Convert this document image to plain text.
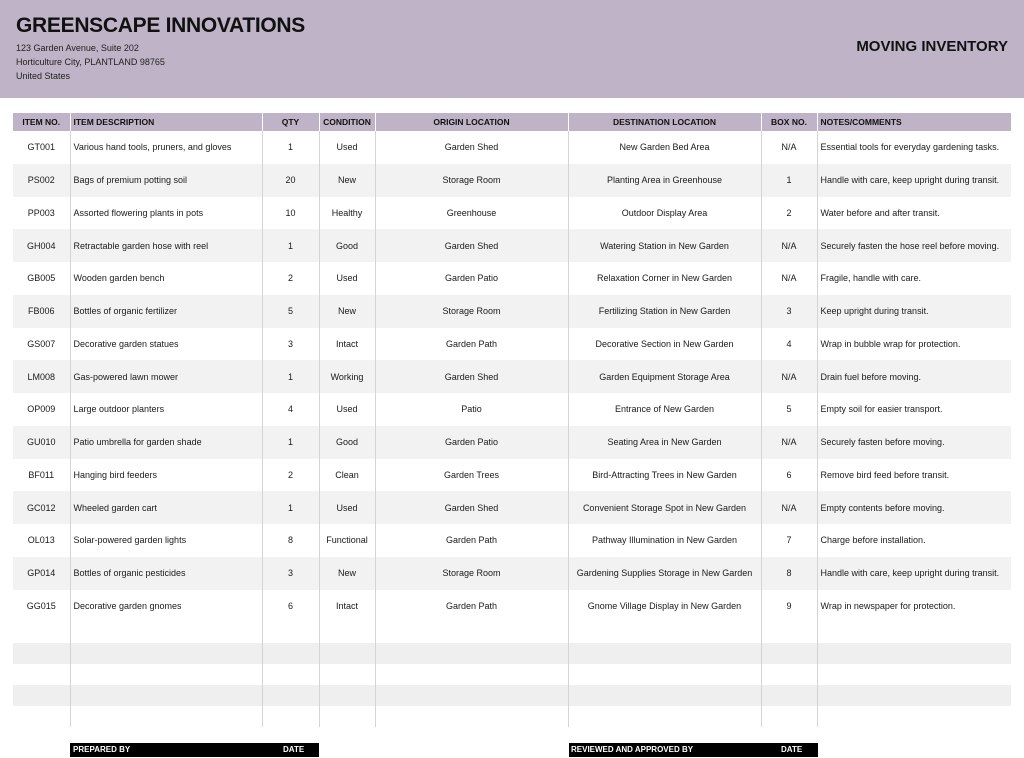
GREENSCAPE INNOVATIONS
123 Garden Avenue, Suite 202
Horticulture City, PLANTLAND 98765
United States
MOVING INVENTORY
ITEM NO.	ITEM DESCRIPTION	QTY	CONDITION	ORIGIN LOCATION	DESTINATION LOCATION	BOX NO.	NOTES/COMMENTS
GT001	Various hand tools, pruners, and gloves	1	Used	Garden Shed	New Garden Bed Area	N/A	Essential tools for everyday gardening tasks.
PS002	Bags of premium potting soil	20	New	Storage Room	Planting Area in Greenhouse	1	Handle with care, keep upright during transit.
PP003	Assorted flowering plants in pots	10	Healthy	Greenhouse	Outdoor Display Area	2	Water before and after transit.
GH004	Retractable garden hose with reel	1	Good	Garden Shed	Watering Station in New Garden	N/A	Securely fasten the hose reel before moving.
GB005	Wooden garden bench	2	Used	Garden Patio	Relaxation Corner in New Garden	N/A	Fragile, handle with care.
FB006	Bottles of organic fertilizer	5	New	Storage Room	Fertilizing Station in New Garden	3	Keep upright during transit.
GS007	Decorative garden statues	3	Intact	Garden Path	Decorative Section in New Garden	4	Wrap in bubble wrap for protection.
LM008	Gas-powered lawn mower	1	Working	Garden Shed	Garden Equipment Storage Area	N/A	Drain fuel before moving.
OP009	Large outdoor planters	4	Used	Patio	Entrance of New Garden	5	Empty soil for easier transport.
GU010	Patio umbrella for garden shade	1	Good	Garden Patio	Seating Area in New Garden	N/A	Securely fasten before moving.
BF011	Hanging bird feeders	2	Clean	Garden Trees	Bird-Attracting Trees in New Garden	6	Remove bird feed before transit.
GC012	Wheeled garden cart	1	Used	Garden Shed	Convenient Storage Spot in New Garden	N/A	Empty contents before moving.
OL013	Solar-powered garden lights	8	Functional	Garden Path	Pathway Illumination in New Garden	7	Charge before installation.
GP014	Bottles of organic pesticides	3	New	Storage Room	Gardening Supplies Storage in New Garden	8	Handle with care, keep upright during transit.
GG015	Decorative garden gnomes	6	Intact	Garden Path	Gnome Village Display in New Garden	9	Wrap in newspaper for protection.

PREPARED BY	DATE	REVIEWED AND APPROVED BY	DATE
